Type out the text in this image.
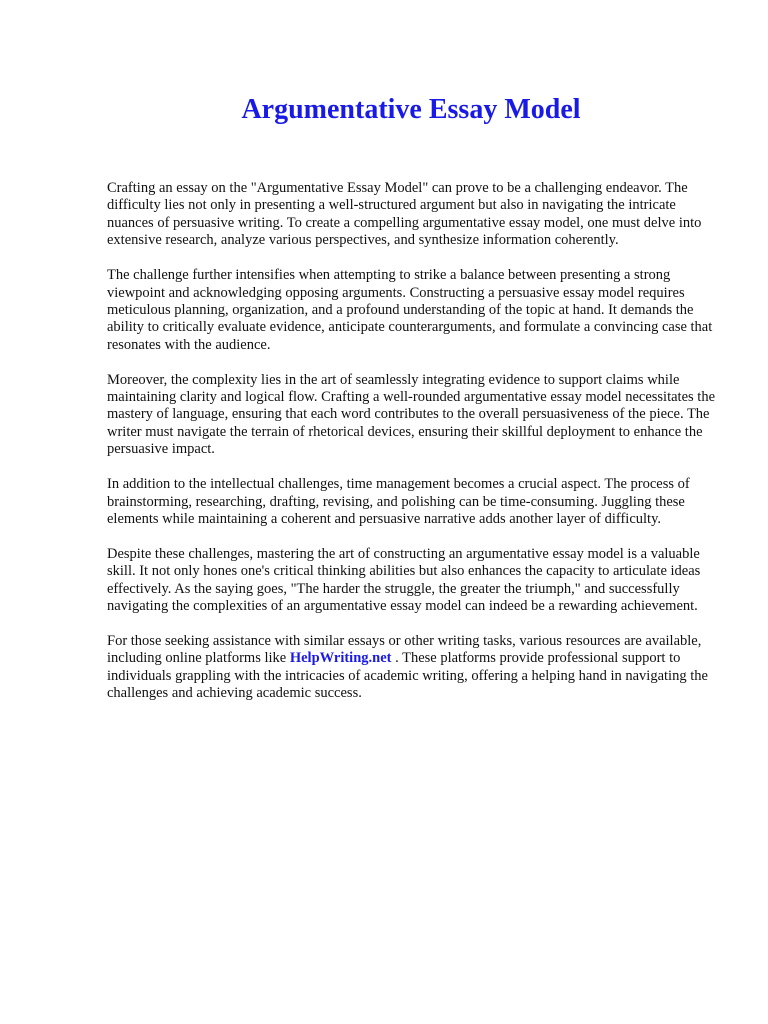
Argumentative Essay Model

Crafting an essay on the "Argumentative Essay Model" can prove to be a challenging endeavor. The difficulty lies not only in presenting a well-structured argument but also in navigating the intricate nuances of persuasive writing. To create a compelling argumentative essay model, one must delve into extensive research, analyze various perspectives, and synthesize information coherently.

The challenge further intensifies when attempting to strike a balance between presenting a strong viewpoint and acknowledging opposing arguments. Constructing a persuasive essay model requires meticulous planning, organization, and a profound understanding of the topic at hand. It demands the ability to critically evaluate evidence, anticipate counterarguments, and formulate a convincing case that resonates with the audience.

Moreover, the complexity lies in the art of seamlessly integrating evidence to support claims while maintaining clarity and logical flow. Crafting a well-rounded argumentative essay model necessitates the mastery of language, ensuring that each word contributes to the overall persuasiveness of the piece. The writer must navigate the terrain of rhetorical devices, ensuring their skillful deployment to enhance the persuasive impact.

In addition to the intellectual challenges, time management becomes a crucial aspect. The process of brainstorming, researching, drafting, revising, and polishing can be time-consuming. Juggling these elements while maintaining a coherent and persuasive narrative adds another layer of difficulty.

Despite these challenges, mastering the art of constructing an argumentative essay model is a valuable skill. It not only hones one's critical thinking abilities but also enhances the capacity to articulate ideas effectively. As the saying goes, "The harder the struggle, the greater the triumph," and successfully navigating the complexities of an argumentative essay model can indeed be a rewarding achievement.

For those seeking assistance with similar essays or other writing tasks, various resources are available, including online platforms like HelpWriting.net . These platforms provide professional support to individuals grappling with the intricacies of academic writing, offering a helping hand in navigating the challenges and achieving academic success.
